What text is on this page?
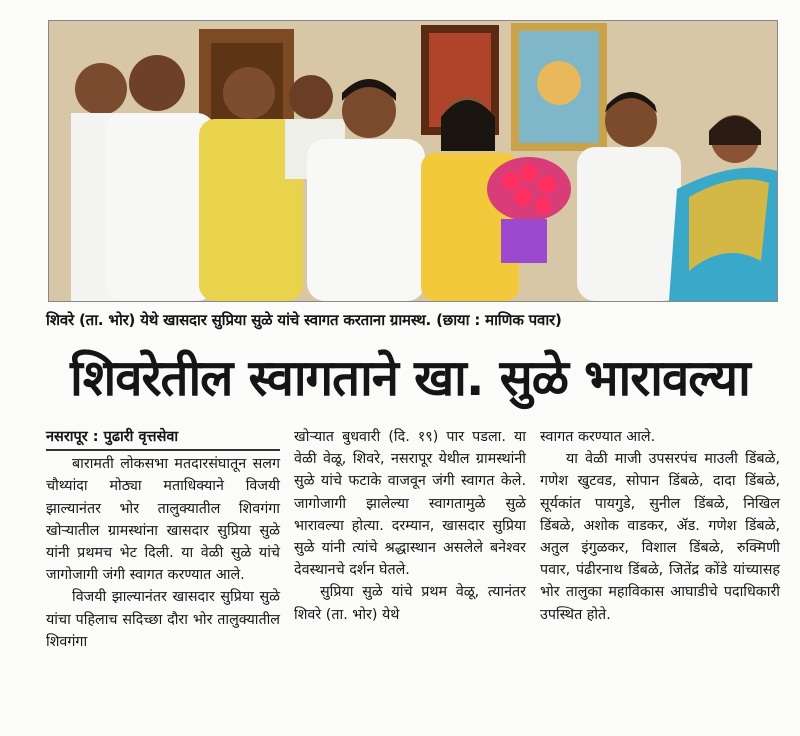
शिवरे (ता. भोर) येथे खासदार सुप्रिया सुळे यांचे स्वागत करताना ग्रामस्थ. (छाया : माणिक पवार)
शिवरेतील स्वागताने खा. सुळे भारावल्या

नसरापूर : पुढारी वृत्तसेवा

बारामती लोकसभा मतदारसंघातून सलग चौथ्यांदा मोठ्या मताधिक्याने विजयी झाल्यानंतर भोर तालुक्यातील शिवगंगा खोऱ्यातील ग्रामस्थांना खासदार सुप्रिया सुळे यांनी प्रथमच भेट दिली. या वेळी सुळे यांचे जागोजागी जंगी स्वागत करण्यात आले.

विजयी झाल्यानंतर खासदार सुप्रिया सुळे यांचा पहिलाच सदिच्छा दौरा भोर तालुक्यातील शिवगंगा

खोऱ्यात बुधवारी (दि. १९) पार पडला. या वेळी वेळू, शिवरे, नसरापूर येथील ग्रामस्थांनी सुळे यांचे फटाके वाजवून जंगी स्वागत केले. जागोजागी झालेल्या स्वागतामुळे सुळे भारावल्या होत्या. दरम्यान, खासदार सुप्रिया सुळे यांनी त्यांचे श्रद्धास्थान असलेले बनेश्वर देवस्थानचे दर्शन घेतले.

सुप्रिया सुळे यांचे प्रथम वेळू, त्यानंतर शिवरे (ता. भोर) येथे

स्वागत करण्यात आले.

या वेळी माजी उपसरपंच माउली डिंबळे, गणेश खुटवड, सोपान डिंबळे, दादा डिंबळे, सूर्यकांत पायगुडे, सुनील डिंबळे, निखिल डिंबळे, अशोक वाडकर, ॲड. गणेश डिंबळे, अतुल इंगुळकर, विशाल डिंबळे, रुक्मिणी पवार, पंढीरनाथ डिंबळे, जितेंद्र कोंडे यांच्यासह भोर तालुका महाविकास आघाडीचे पदाधिकारी उपस्थित होते.
